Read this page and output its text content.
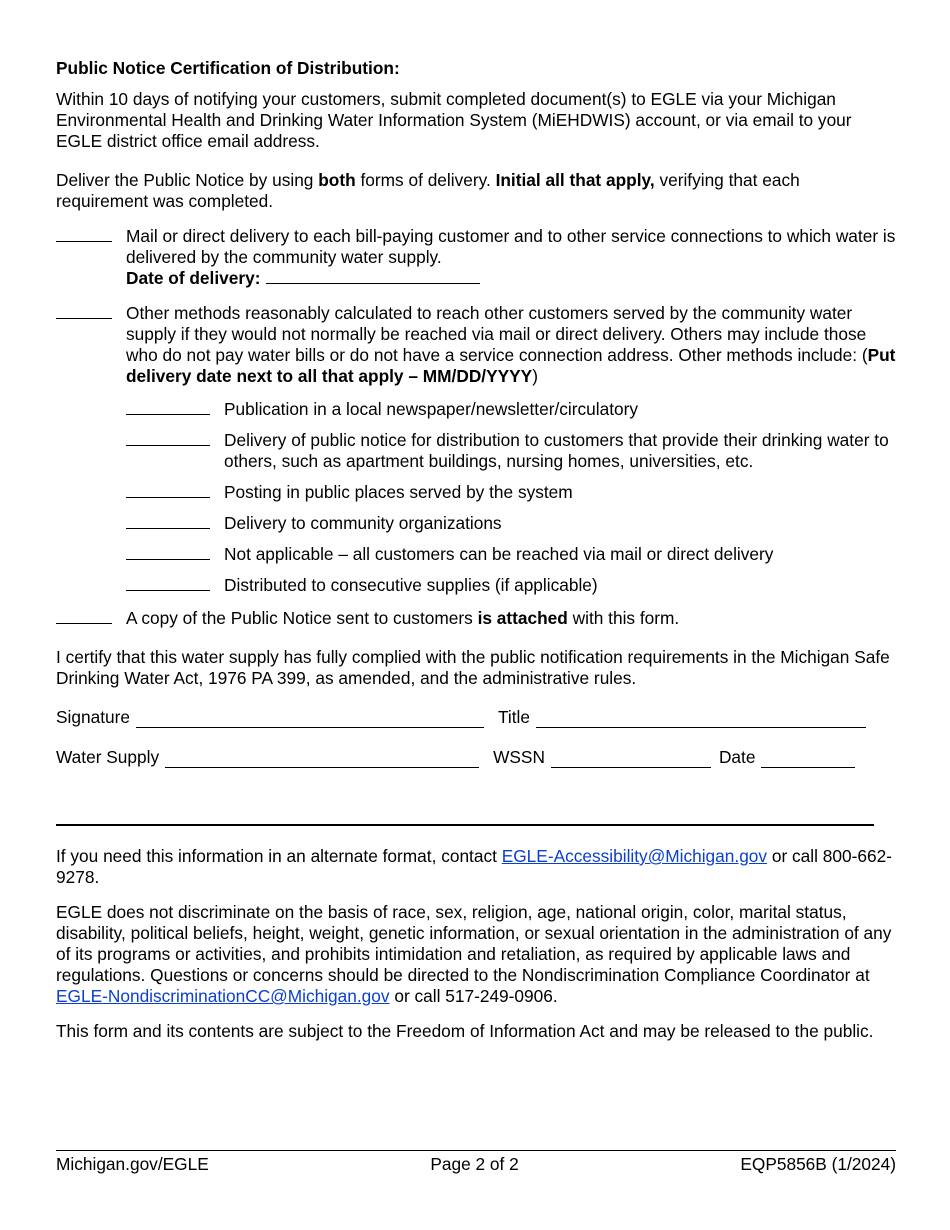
Public Notice Certification of Distribution:

Within 10 days of notifying your customers, submit completed document(s) to EGLE via your Michigan Environmental Health and Drinking Water Information System (MiEHDWIS) account, or via email to your EGLE district office email address.

Deliver the Public Notice by using both forms of delivery. Initial all that apply, verifying that each requirement was completed.

Mail or direct delivery to each bill-paying customer and to other service connections to which water is delivered by the community water supply.
Date of delivery:
Other methods reasonably calculated to reach other customers served by the community water supply if they would not normally be reached via mail or direct delivery. Others may include those who do not pay water bills or do not have a service connection address. Other methods include: (Put delivery date next to all that apply – MM/DD/YYYY)
Publication in a local newspaper/newsletter/circulatory
Delivery of public notice for distribution to customers that provide their drinking water to others, such as apartment buildings, nursing homes, universities, etc.
Posting in public places served by the system
Delivery to community organizations
Not applicable – all customers can be reached via mail or direct delivery
Distributed to consecutive supplies (if applicable)
A copy of the Public Notice sent to customers is attached with this form.

I certify that this water supply has fully complied with the public notification requirements in the Michigan Safe Drinking Water Act, 1976 PA 399, as amended, and the administrative rules.

Signature	Title
Water Supply	WSSN	Date

If you need this information in an alternate format, contact EGLE-Accessibility@Michigan.gov or call 800-662-9278.

EGLE does not discriminate on the basis of race, sex, religion, age, national origin, color, marital status, disability, political beliefs, height, weight, genetic information, or sexual orientation in the administration of any of its programs or activities, and prohibits intimidation and retaliation, as required by applicable laws and regulations. Questions or concerns should be directed to the Nondiscrimination Compliance Coordinator at EGLE-NondiscriminationCC@Michigan.gov or call 517-249-0906.

This form and its contents are subject to the Freedom of Information Act and may be released to the public.

Michigan.gov/EGLE	Page 2 of 2	EQP5856B (1/2024)
